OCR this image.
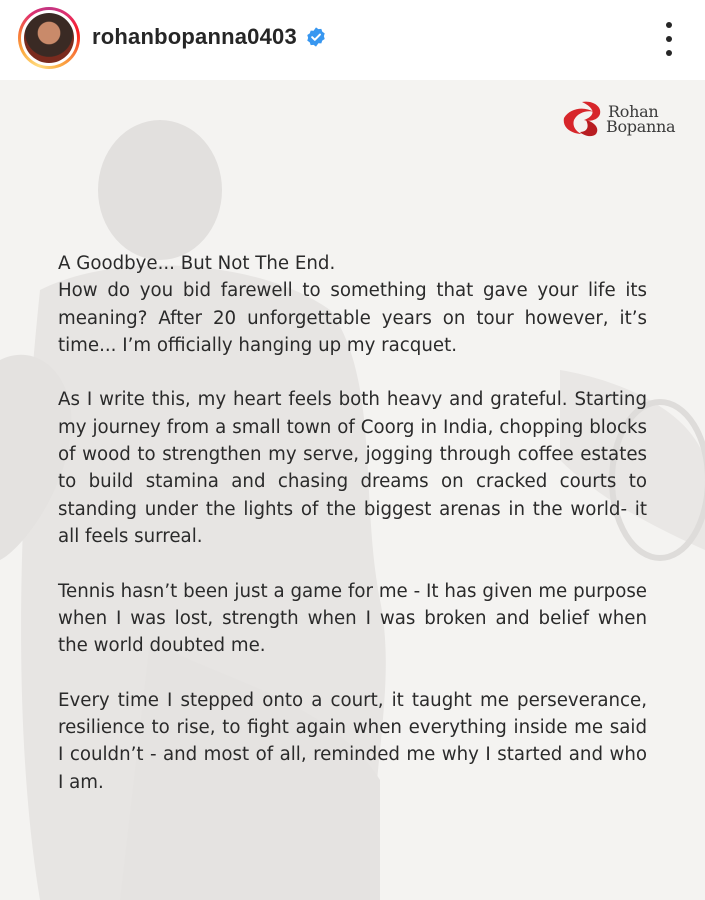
rohanbopanna0403
Rohan
Bopanna
A Goodbye... But Not The End.

How do you bid farewell to something that gave your life its meaning? After 20 unforgettable years on tour however, it’s time... I’m officially hanging up my racquet.

As I write this, my heart feels both heavy and grateful. Starting my journey from a small town of Coorg in India, chopping blocks of wood to strengthen my serve, jogging through coffee estates to build stamina and chasing dreams on cracked courts to standing under the lights of the biggest arenas in the world- it all feels surreal.

Tennis hasn’t been just a game for me - It has given me purpose when I was lost, strength when I was broken and belief when the world doubted me.

Every time I stepped onto a court, it taught me perseverance, resilience to rise, to fight again when everything inside me said I couldn’t - and most of all, reminded me why I started and who I am.
